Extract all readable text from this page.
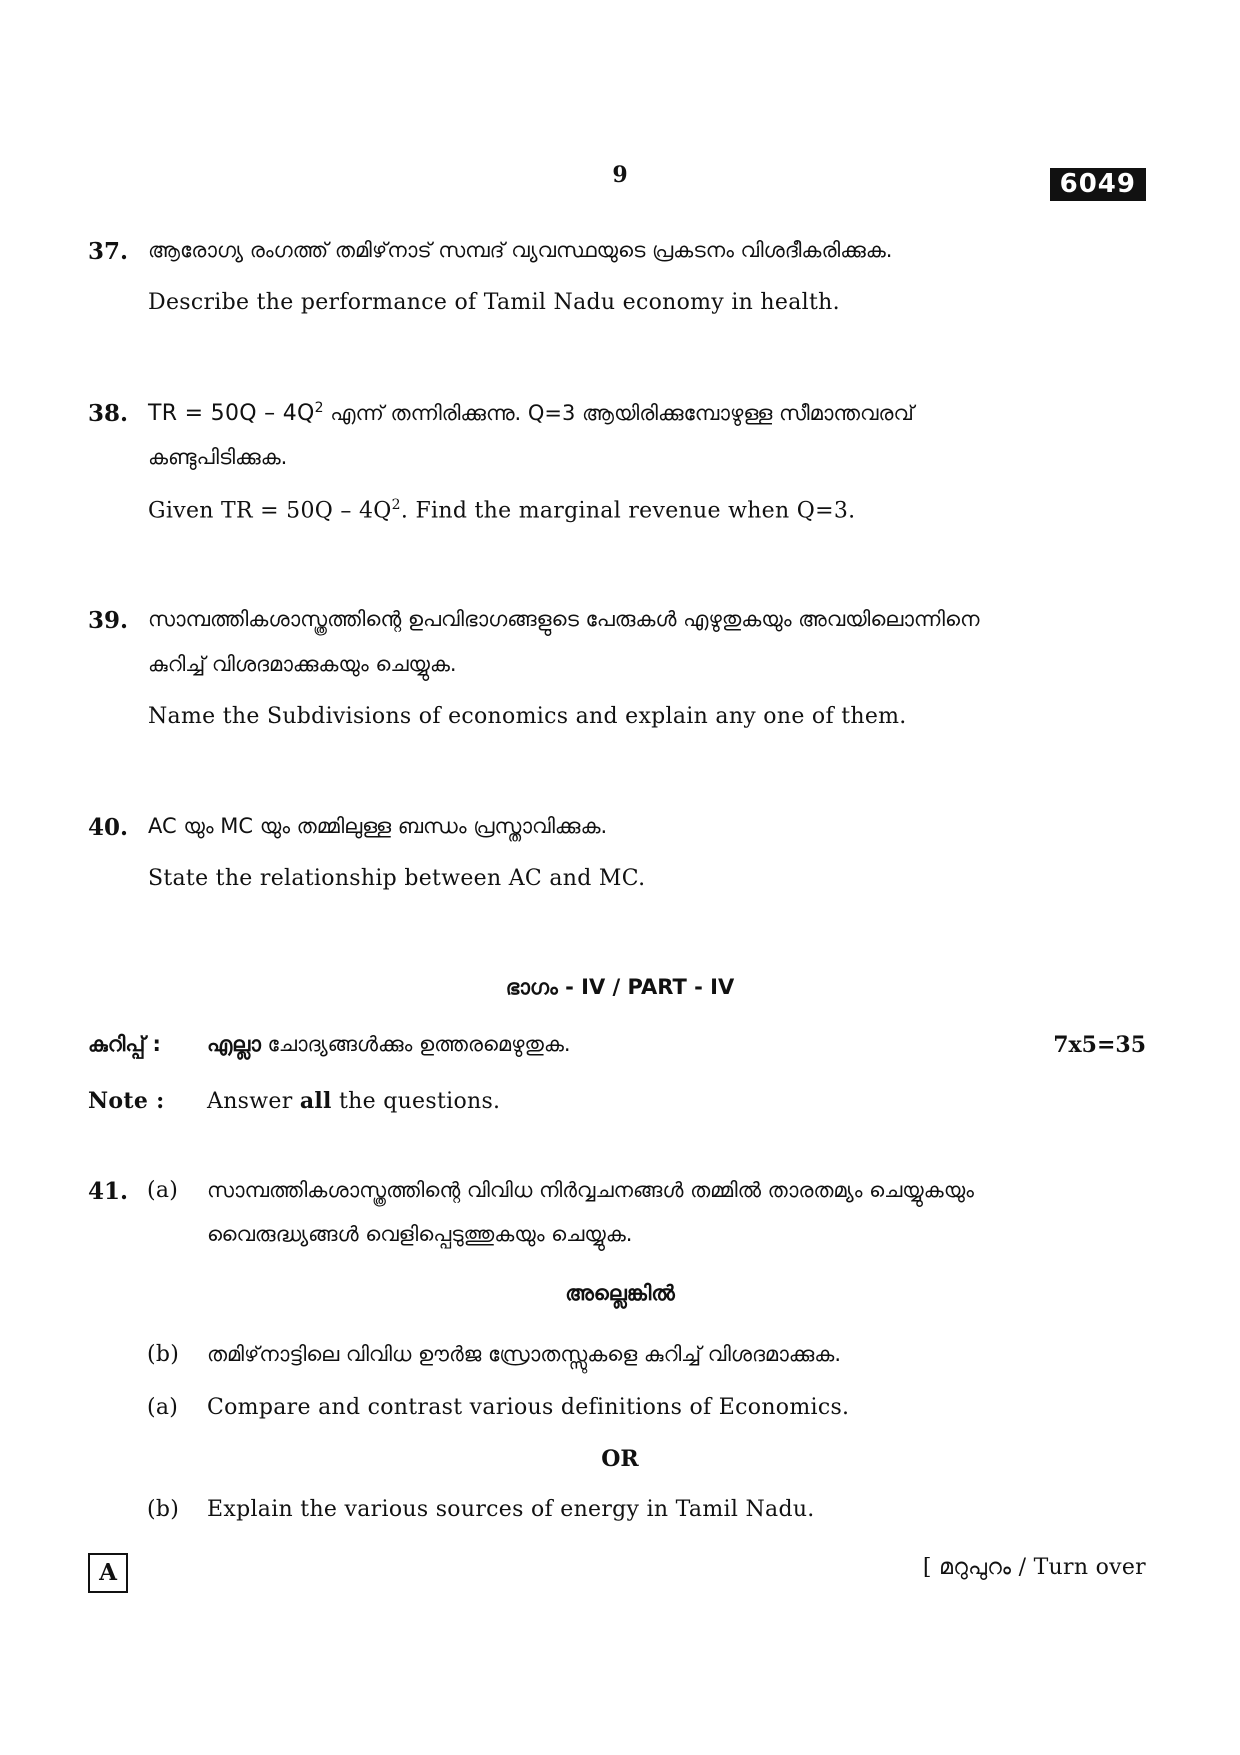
9	6049
37. ആരോഗ്യ രംഗത്ത് തമിഴ്‌നാട് സമ്പദ് വ്യവസ്ഥയുടെ പ്രകടനം വിശദീകരിക്കുക.
Describe the performance of Tamil Nadu economy in health.
38. TR = $50Q - 4Q^2$ എന്ന് തന്നിരിക്കുന്നു. Q=3 ആയിരിക്കുമ്പോഴുള്ള സീമാന്തവരവ്
കണ്ടുപിടിക്കുക.
Given TR = $50Q - 4Q^2$. Find the marginal revenue when Q=3.
39. സാമ്പത്തികശാസ്ത്രത്തിന്റെ ഉപവിഭാഗങ്ങളുടെ പേരുകൾ എഴുതുകയും അവയിലൊന്നിനെ
കുറിച്ച് വിശദമാക്കുകയും ചെയ്യുക.
Name the Subdivisions of economics and explain any one of them.
40. AC യും MC യും തമ്മിലുള്ള ബന്ധം പ്രസ്താവിക്കുക.
State the relationship between AC and MC.
ഭാഗം - IV / PART - IV
കുറിപ്പ് : എല്ലാ ചോദ്യങ്ങൾക്കും ഉത്തരമെഴുതുക.	7x5=35
Note : Answer all the questions.
41. (a) സാമ്പത്തികശാസ്ത്രത്തിന്റെ വിവിധ നിർവ്വചനങ്ങൾ തമ്മിൽ താരതമ്യം ചെയ്യുകയും
വൈരുദ്ധ്യങ്ങൾ വെളിപ്പെടുത്തുകയും ചെയ്യുക.
അല്ലെങ്കിൽ
(b) തമിഴ്‌നാട്ടിലെ വിവിധ ഊർജ സ്രോതസ്സുകളെ കുറിച്ച് വിശദമാക്കുക.
(a) Compare and contrast various definitions of Economics.
OR
(b) Explain the various sources of energy in Tamil Nadu.
A	[ മറുപുറം / Turn over
